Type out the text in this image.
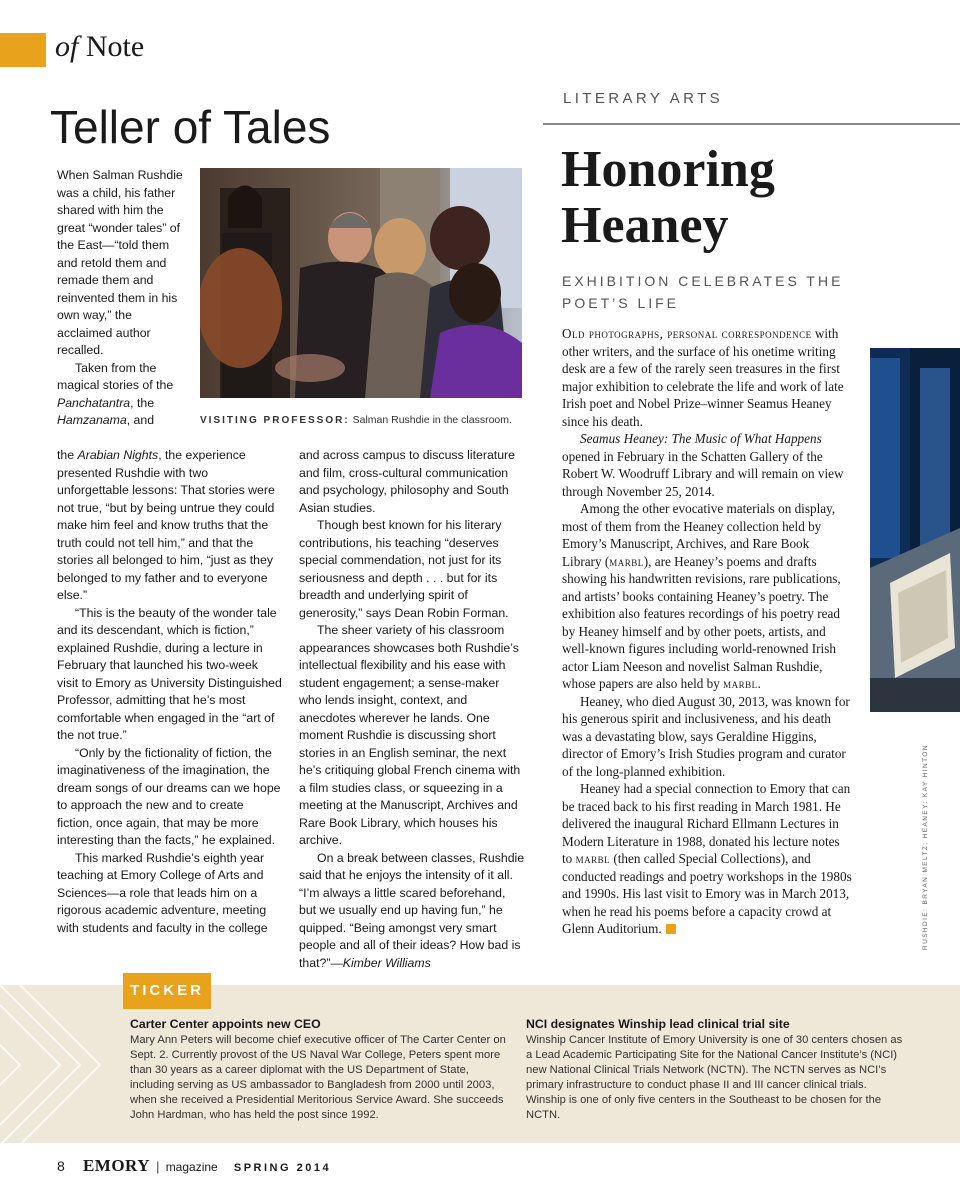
of Note
Teller of Tales

When Salman Rushdie was a child, his father shared with him the great “wonder tales” of the East—“told them and retold them and remade them and reinvented them in his own way,” the acclaimed author recalled.

Taken from the magical stories of the Panchatantra, the Hamzanama, and	VISITING PROFESSOR: Salman Rushdie in the classroom.

the Arabian Nights, the experience presented Rushdie with two unforgettable lessons: That stories were not true, “but by being untrue they could make him feel and know truths that the truth could not tell him,” and that the stories all belonged to him, “just as they belonged to my father and to everyone else.”

“This is the beauty of the wonder tale and its descendant, which is fiction,” explained Rushdie, during a lecture in February that launched his two-week visit to Emory as University Distinguished Professor, admitting that he’s most comfortable when engaged in the “art of the not true.”

“Only by the fictionality of fiction, the imaginativeness of the imagination, the dream songs of our dreams can we hope to approach the new and to create fiction, once again, that may be more interesting than the facts,” he explained.

This marked Rushdie’s eighth year teaching at Emory College of Arts and Sciences—a role that leads him on a rigorous academic adventure, meeting with students and faculty in the college

and across campus to discuss literature and film, cross-cultural communication and psychology, philosophy and South Asian studies.

Though best known for his literary contributions, his teaching “deserves special commendation, not just for its seriousness and depth . . . but for its breadth and underlying spirit of generosity,” says Dean Robin Forman.

The sheer variety of his classroom appearances showcases both Rushdie’s intellectual flexibility and his ease with student engagement; a sense-maker who lends insight, context, and anecdotes wherever he lands. One moment Rushdie is discussing short stories in an English seminar, the next he’s critiquing global French cinema with a film studies class, or squeezing in a meeting at the Manuscript, Archives and Rare Book Library, which houses his archive.

On a break between classes, Rushdie said that he enjoys the intensity of it all. “I’m always a little scared beforehand, but we usually end up having fun,” he quipped. “Being amongst very smart people and all of their ideas? How bad is that?”—Kimber Williams

LITERARY ARTS
Honoring Heaney
EXHIBITION CELEBRATES THE POET’S LIFE

Old photographs, personal correspondence with other writers, and the surface of his onetime writing desk are a few of the rarely seen treasures in the first major exhibition to celebrate the life and work of late Irish poet and Nobel Prize–winner Seamus Heaney since his death.

Seamus Heaney: The Music of What Happens opened in February in the Schatten Gallery of the Robert W. Woodruff Library and will remain on view through November 25, 2014.

Among the other evocative materials on display, most of them from the Heaney collection held by Emory’s Manuscript, Archives, and Rare Book Library (marbl), are Heaney’s poems and drafts showing his handwritten revisions, rare publications, and artists’ books containing Heaney’s poetry. The exhibition also features recordings of his poetry read by Heaney himself and by other poets, artists, and well-known figures including world-renowned Irish actor Liam Neeson and novelist Salman Rushdie, whose papers are also held by marbl.

Heaney, who died August 30, 2013, was known for his generous spirit and inclusiveness, and his death was a devastating blow, says Geraldine Higgins, director of Emory’s Irish Studies program and curator of the long-planned exhibition.

Heaney had a special connection to Emory that can be traced back to his first reading in March 1981. He delivered the inaugural Richard Ellmann Lectures in Modern Literature in 1988, donated his lecture notes to marbl (then called Special Collections), and conducted readings and poetry workshops in the 1980s and 1990s. His last visit to Emory was in March 2013, when he read his poems before a capacity crowd at Glenn Auditorium.	RUSHDIE: BRYAN MELTZ; HEANEY: KAY HINTON
TICKER
Carter Center appoints new CEO

Mary Ann Peters will become chief executive officer of The Carter Center on Sept. 2. Currently provost of the US Naval War College, Peters spent more than 30 years as a career diplomat with the US Department of State, including serving as US ambassador to Bangladesh from 2000 until 2003, when she received a Presidential Meritorious Service Award. She succeeds John Hardman, who has held the post since 1992.

NCI designates Winship lead clinical trial site

Winship Cancer Institute of Emory University is one of 30 centers chosen as a Lead Academic Participating Site for the National Cancer Institute’s (NCI) new National Clinical Trials Network (NCTN). The NCTN serves as NCI’s primary infrastructure to conduct phase II and III cancer clinical trials. Winship is one of only five centers in the Southeast to be chosen for the NCTN.

8 EMORY | magazine SPRING 2014
